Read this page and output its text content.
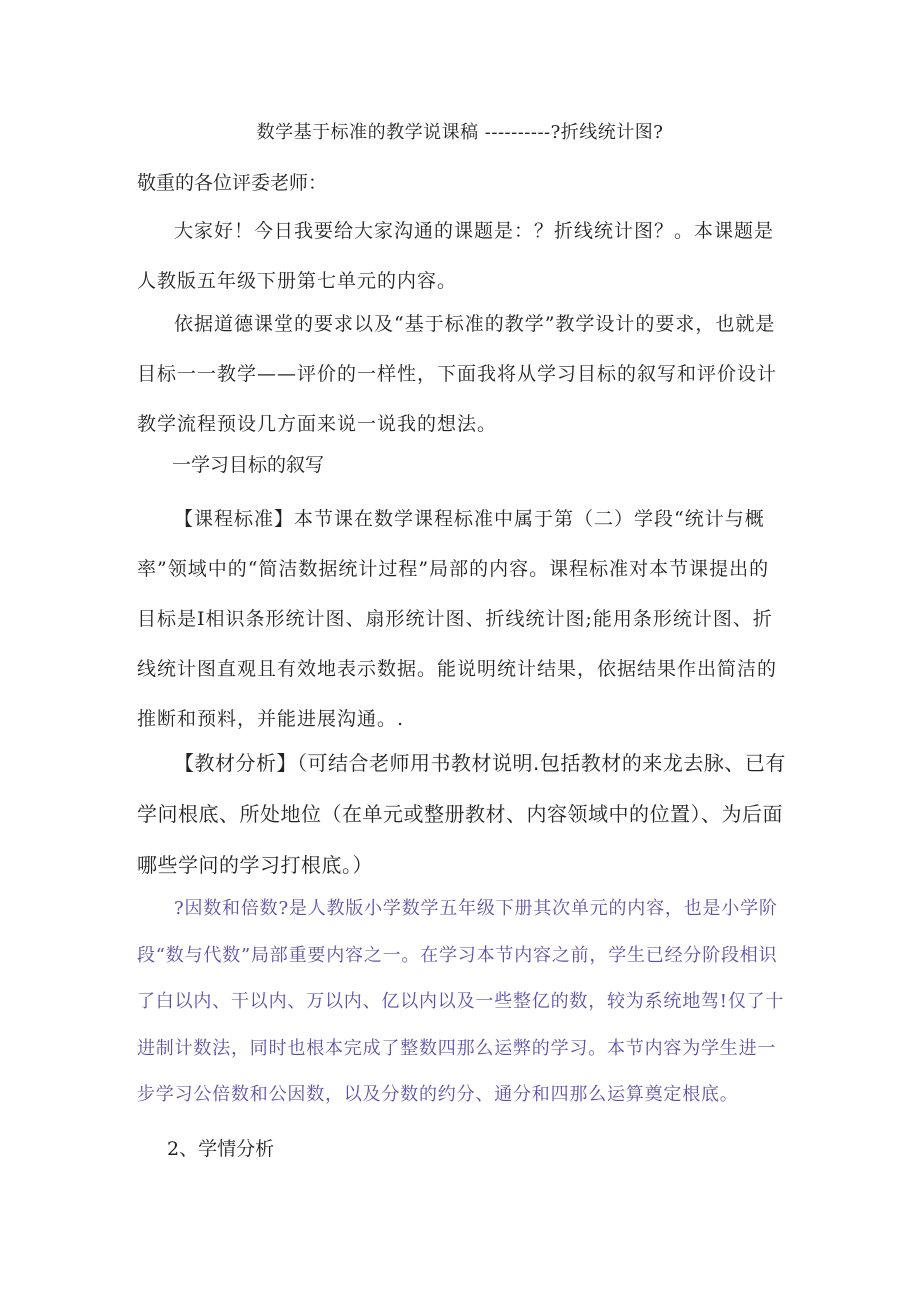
数学基于标准的教学说课稿 ----------?折线统计图?
敬重的各位评委老师：

大家好！今日我要给大家沟通的课题是：？折线统计图？。本课题是人教版五年级下册第七单元的内容。

依据道德课堂的要求以及“基于标准的教学”教学设计的要求，也就是目标一一教学——评价的一样性，下面我将从学习目标的叙写和评价设计教学流程预设几方面来说一说我的想法。

一学习目标的叙写

【课程标准】本节课在数学课程标准中属于第（二）学段“统计与概率”领域中的“简洁数据统计过程”局部的内容。课程标准对本节课提出的目标是I相识条形统计图、扇形统计图、折线统计图;能用条形统计图、折线统计图直观且有效地表示数据。能说明统计结果，依据结果作出简洁的推断和预料，并能进展沟通。.

【教材分析】（可结合老师用书教材说明.包括教材的来龙去脉、已有学问根底、所处地位（在单元或整册教材、内容领域中的位置）、为后面哪些学问的学习打根底。）

?因数和倍数?是人教版小学数学五年级下册其次单元的内容，也是小学阶段“数与代数”局部重要内容之一。在学习本节内容之前，学生已经分阶段相识了白以内、干以内、万以内、亿以内以及一些整亿的数，较为系统地驾!仅了十进制计数法，同时也根本完成了整数四那么运弊的学习。本节内容为学生进一步学习公倍数和公因数，以及分数的约分、通分和四那么运算奠定根底。

2、学情分析
